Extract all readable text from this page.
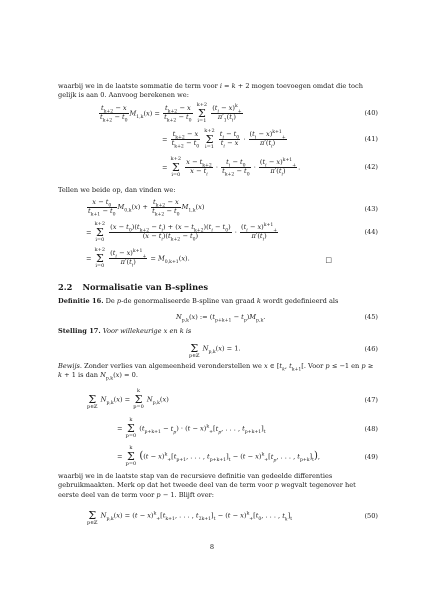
waarbij we in de laatste sommatie de term voor i = k + 2 mogen toevoegen omdat die toch gelijk is aan 0. Aanvoog berekenen we:

$\frac{t_{k+2} - x}{t_{k+2} - t_0} M_{1,k}(x) = \frac{t_{k+2} - x}{t_{k+2} - t_0}$
k+2
Σ
$i=1 \frac{(t_i - x)^k_+}{\pi'_1(t_i)}$	(40)
= $\frac{t_{k+2} - x}{t_{k+2} - t_0}$
k+2
Σ
$i=1 \frac{t_i - t_0}{t_i - x} \cdot \frac{(t_i - x)^{k+1}_+}{\pi'(t_i)}$	(41)
= k+2
Σ
$i=0 \frac{x - t_{k+2}}{x - t_i} \cdot \frac{t_i - t_0}{t_{k+2} - t_0} \cdot \frac{(t_i - x)^{k+1}_+}{\pi'(t_i)}$ .	(42)

Tellen we beide op, dan vinden we:

$\frac{x - t_0}{t_{k+1} - t_0} M_{0,k}(x) + \frac{t_{k+2} - x}{t_{k+2} - t_0} M_{1,k}(x)$	(43)
= k+2
Σ
$i=0 \frac{(x - t_0)(t_{k+2} - t_i) + (x - t_{k+2})(t_i - t_0)}{(x - t_i)(t_{k+2} - t_0)} \cdot \frac{(t_i - x)^{k+1}_+}{\pi'(t_i)}$	(44)
= k+2
Σ
$i=0 \frac{(t_i - x)^{k+1}_+}{\pi'(t_i)} = M_{0,k+1}(x)$.	□
2.2 Normalisatie van B-splines
Definitie 16. De p-de genormaliseerde B-spline van graad k wordt gedefinieerd als
$N_{p,k}(x)$ := $(t_{p+k+1} - t_p)M_{p,k}$.	(45)
Stelling 17. Voor willekeurige x en k is

Σ
p∈ℤ $N_{p,k}(x) = 1$.	(46)
Bewijs. Zonder verlies van algemeenheid veronderstellen we x ∈ [$t_k$, $t_{k+1}$[. Voor p ≤ −1 en p ≥ k + 1 is dan $N_{p,k}(x) = 0$.

Σ
p∈ℤ $N_{p,k}(x) = k$
Σ
p=0 $N_{p,k}(x)$	(47)
= k
Σ
p=0 $(t_{p+k+1} - t_p) \cdot (t - x)^k_+[t_p$, . . . , $t_{p+k+1}]_t$	(48)
= k
Σ
p=0 ($(t - x)^k_+[t_{p+1}$, . . . , $t_{p+k+1}]_t - (t - x)^k_+[t_p$, . . . , $t_{p+k}]_t$),	(49)

waarbij we in de laatste stap van de recursieve definitie van gedeelde differenties gebruikmaakten. Merk op dat het tweede deel van de term voor p wegvalt tegenover het eerste deel van de term voor p − 1. Blijft over:

Σ
p∈ℤ $N_{p,k}(x) = (t - x)^k_+[t_{k+1}$, . . . , $t_{2k+1}]_t - (t - x)^k_+[t_0$, . . . , $t_k]_t$	(50)
8
